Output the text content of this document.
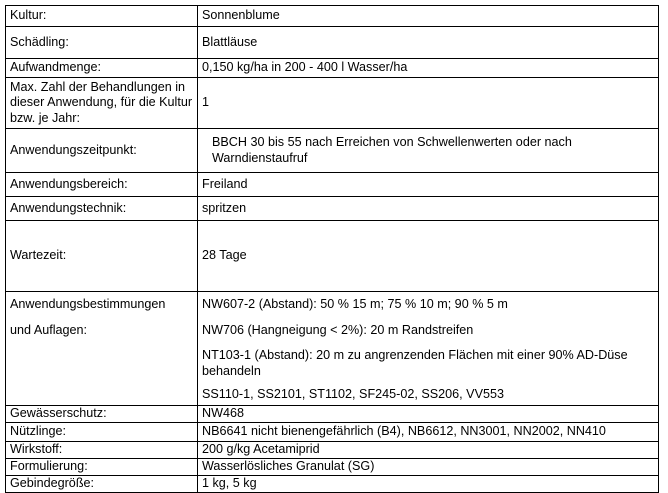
Kultur:	Sonnenblume
Schädling:	Blattläuse
Aufwandmenge:	0,150 kg/ha in 200 - 400 l Wasser/ha
Max. Zahl der Behandlungen in dieser Anwendung, für die Kultur bzw. je Jahr:	1
Anwendungszeitpunkt:	BBCH 30 bis 55 nach Erreichen von Schwellenwerten oder nach Warndienstaufruf
Anwendungsbereich:	Freiland
Anwendungstechnik:	spritzen
Wartezeit:	28 Tage

Anwendungsbestimmungen
und Auflagen:	NW607-2 (Abstand): 50 % 15 m; 75 % 10 m; 90 % 5 m
NW706 (Hangneigung < 2%): 20 m Randstreifen
NT103-1 (Abstand): 20 m zu angrenzenden Flächen mit einer 90% AD-Düse behandeln
SS110-1, SS2101, ST1102, SF245-02, SS206, VV553

Gewässerschutz:	NW468
Nützlinge:	NB6641 nicht bienengefährlich (B4), NB6612, NN3001, NN2002, NN410
Wirkstoff:	200 g/kg Acetamiprid
Formulierung:	Wasserlösliches Granulat (SG)
Gebindegröße:	1 kg, 5 kg
